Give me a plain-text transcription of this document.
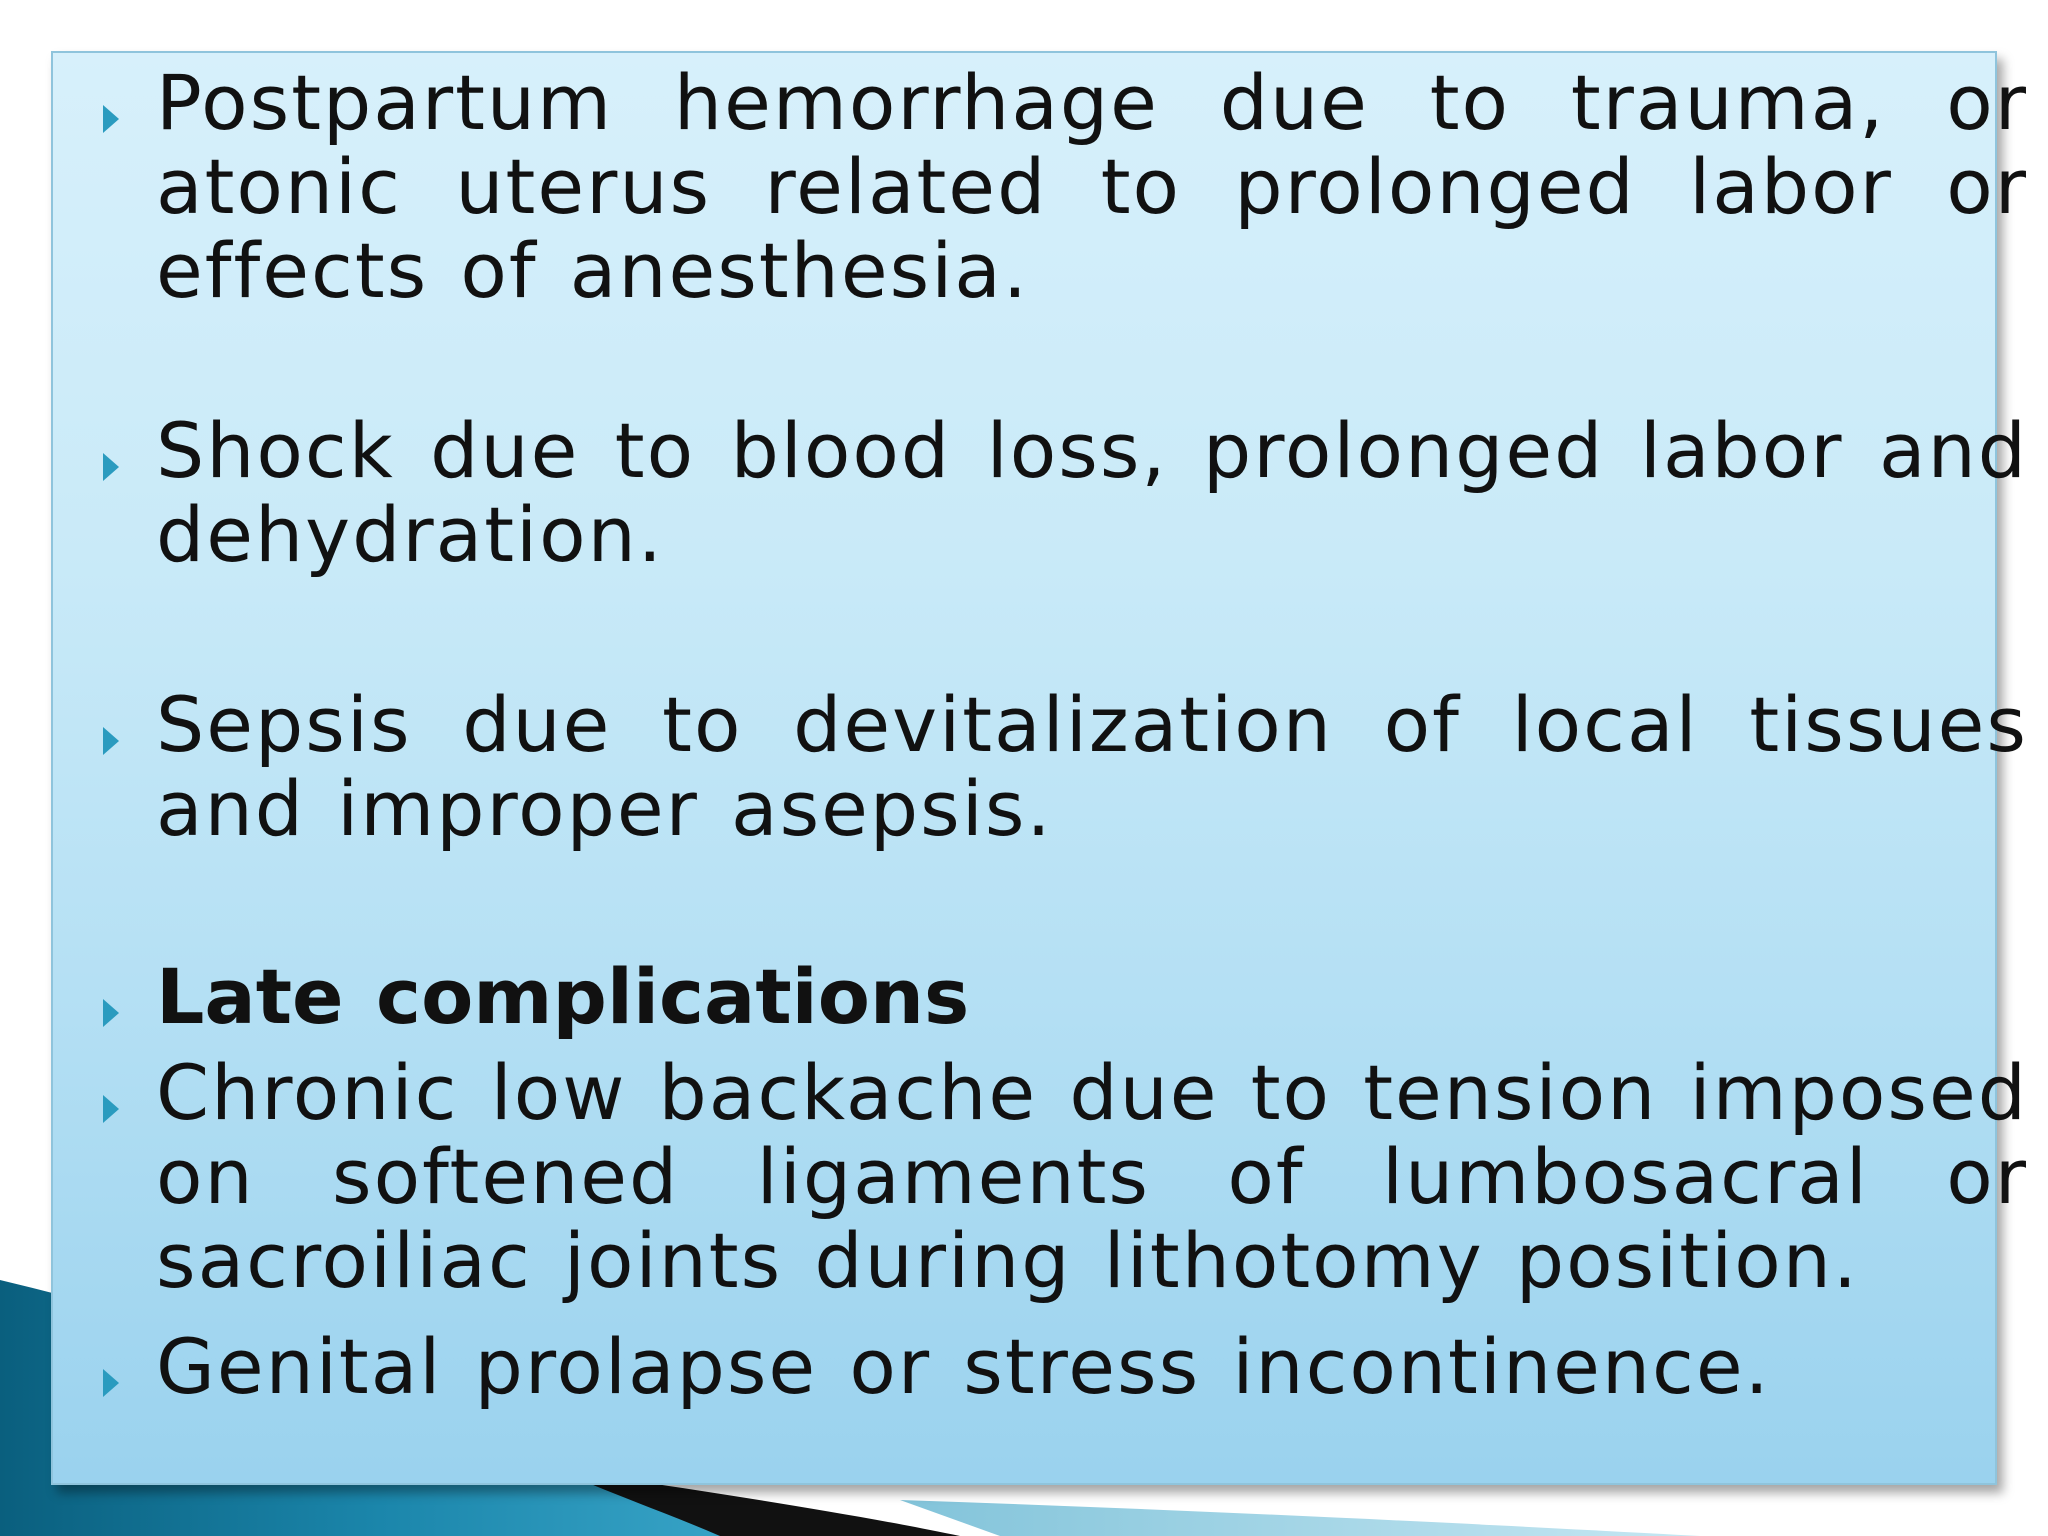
Postpartum hemorrhage due to trauma, or atonic uterus related to prolonged labor or effects of anesthesia.
Shock due to blood loss, prolonged labor and dehydration.
Sepsis due to devitalization of local tissues and improper asepsis.
Late complications
Chronic low backache due to tension imposed on softened ligaments of lumbosacral or sacroiliac joints during lithotomy position.
Genital prolapse or stress incontinence.
